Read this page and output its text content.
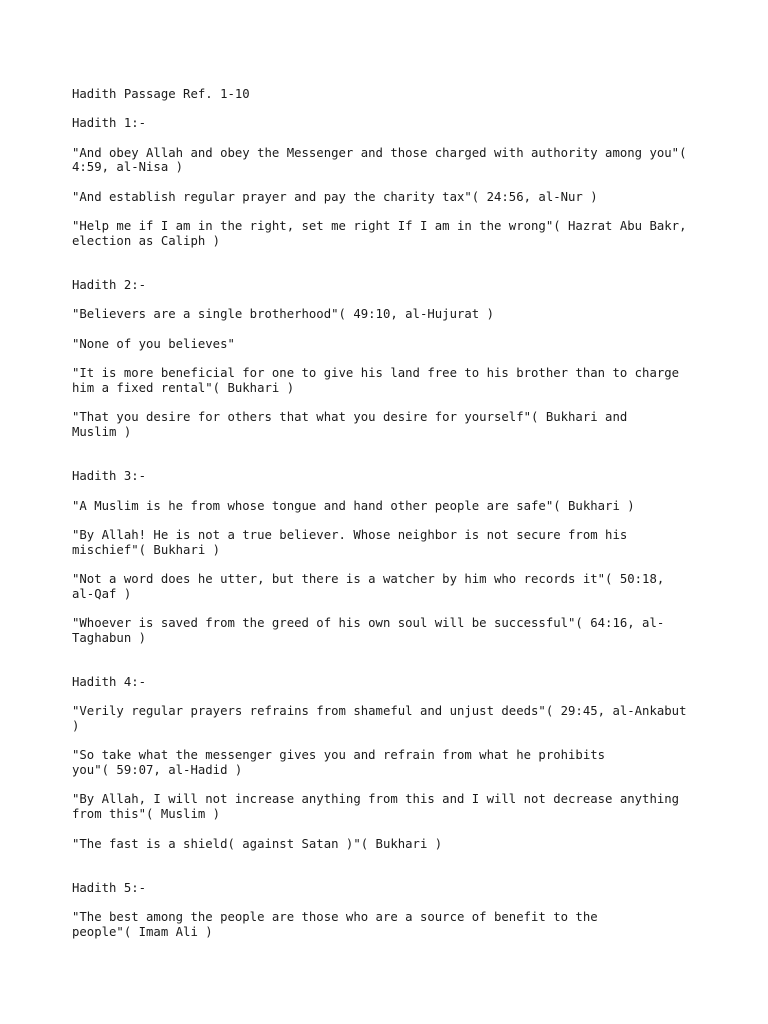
Hadith Passage Ref. 1-10

Hadith 1:-

"And obey Allah and obey the Messenger and those charged with authority among you"(
4:59, al-Nisa )

"And establish regular prayer and pay the charity tax"( 24:56, al-Nur )

"Help me if I am in the right, set me right If I am in the wrong"( Hazrat Abu Bakr,
election as Caliph )

Hadith 2:-

"Believers are a single brotherhood"( 49:10, al-Hujurat )

"None of you believes"

"It is more beneficial for one to give his land free to his brother than to charge
him a fixed rental"( Bukhari )

"That you desire for others that what you desire for yourself"( Bukhari and
Muslim )

Hadith 3:-

"A Muslim is he from whose tongue and hand other people are safe"( Bukhari )

"By Allah! He is not a true believer. Whose neighbor is not secure from his
mischief"( Bukhari )

"Not a word does he utter, but there is a watcher by him who records it"( 50:18,
al-Qaf )

"Whoever is saved from the greed of his own soul will be successful"( 64:16, al-
Taghabun )

Hadith 4:-

"Verily regular prayers refrains from shameful and unjust deeds"( 29:45, al-Ankabut
)

"So take what the messenger gives you and refrain from what he prohibits
you"( 59:07, al-Hadid )

"By Allah, I will not increase anything from this and I will not decrease anything
from this"( Muslim )

"The fast is a shield( against Satan )"( Bukhari )

Hadith 5:-

"The best among the people are those who are a source of benefit to the
people"( Imam Ali )
